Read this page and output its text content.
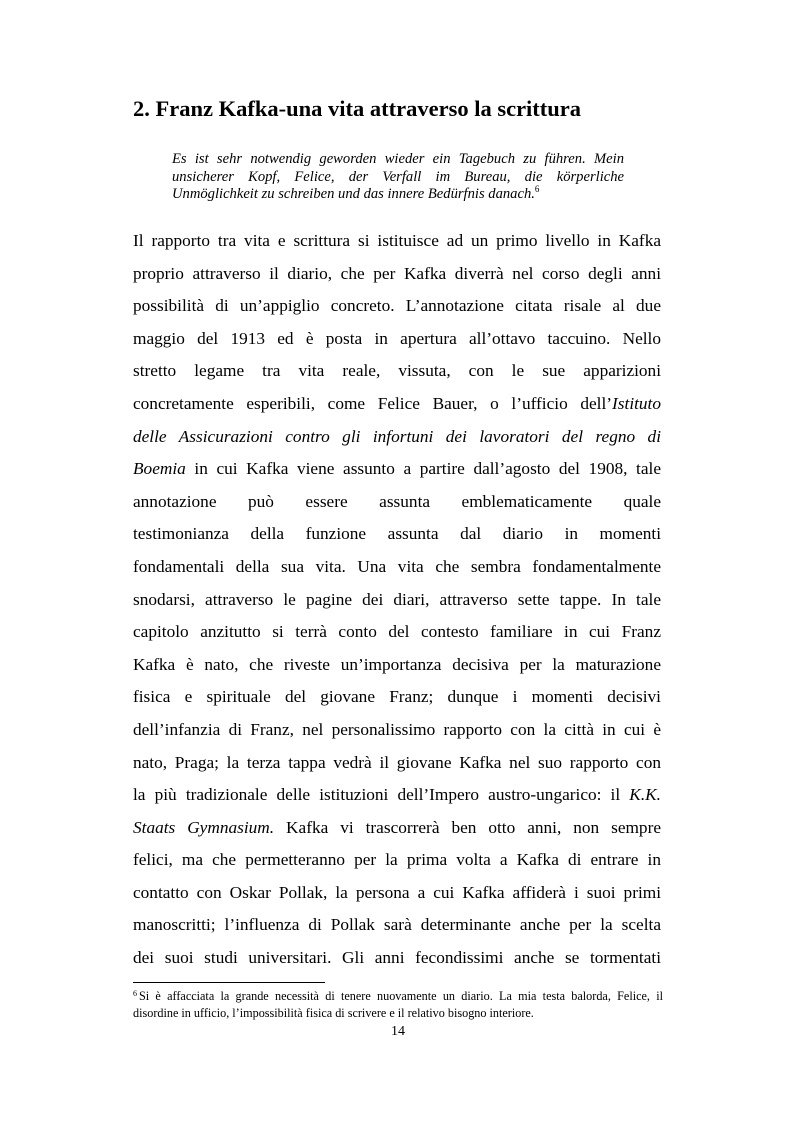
2. Franz Kafka-una vita attraverso la scrittura
Es ist sehr notwendig geworden wieder ein Tagebuch zu führen. Mein
unsicherer Kopf, Felice, der Verfall im Bureau, die körperliche
Unmöglichkeit zu schreiben und das innere Bedürfnis danach.$^6$
Il rapporto tra vita e scrittura si istituisce ad un primo livello in Kafka
proprio attraverso il diario, che per Kafka diverrà nel corso degli anni
possibilità di un’appiglio concreto. L’annotazione citata risale al due
maggio del 1913 ed è posta in apertura all’ottavo taccuino. Nello
stretto legame tra vita reale, vissuta, con le sue apparizioni
concretamente esperibili, come Felice Bauer, o l’ufficio dell’Istituto
delle Assicurazioni contro gli infortuni dei lavoratori del regno di
Boemia in cui Kafka viene assunto a partire dall’agosto del 1908, tale
annotazione può essere assunta emblematicamente quale
testimonianza della funzione assunta dal diario in momenti
fondamentali della sua vita. Una vita che sembra fondamentalmente
snodarsi, attraverso le pagine dei diari, attraverso sette tappe. In tale
capitolo anzitutto si terrà conto del contesto familiare in cui Franz
Kafka è nato, che riveste un’importanza decisiva per la maturazione
fisica e spirituale del giovane Franz; dunque i momenti decisivi
dell’infanzia di Franz, nel personalissimo rapporto con la città in cui è
nato, Praga; la terza tappa vedrà il giovane Kafka nel suo rapporto con
la più tradizionale delle istituzioni dell’Impero austro-ungarico: il K.K.
Staats Gymnasium. Kafka vi trascorrerà ben otto anni, non sempre
felici, ma che permetteranno per la prima volta a Kafka di entrare in
contatto con Oskar Pollak, la persona a cui Kafka affiderà i suoi primi
manoscritti; l’influenza di Pollak sarà determinante anche per la scelta
dei suoi studi universitari. Gli anni fecondissimi anche se tormentati
$^6$ Si è affacciata la grande necessità di tenere nuovamente un diario. La mia testa balorda, Felice, il
disordine in ufficio, l’impossibilità fisica di scrivere e il relativo bisogno interiore.
14
